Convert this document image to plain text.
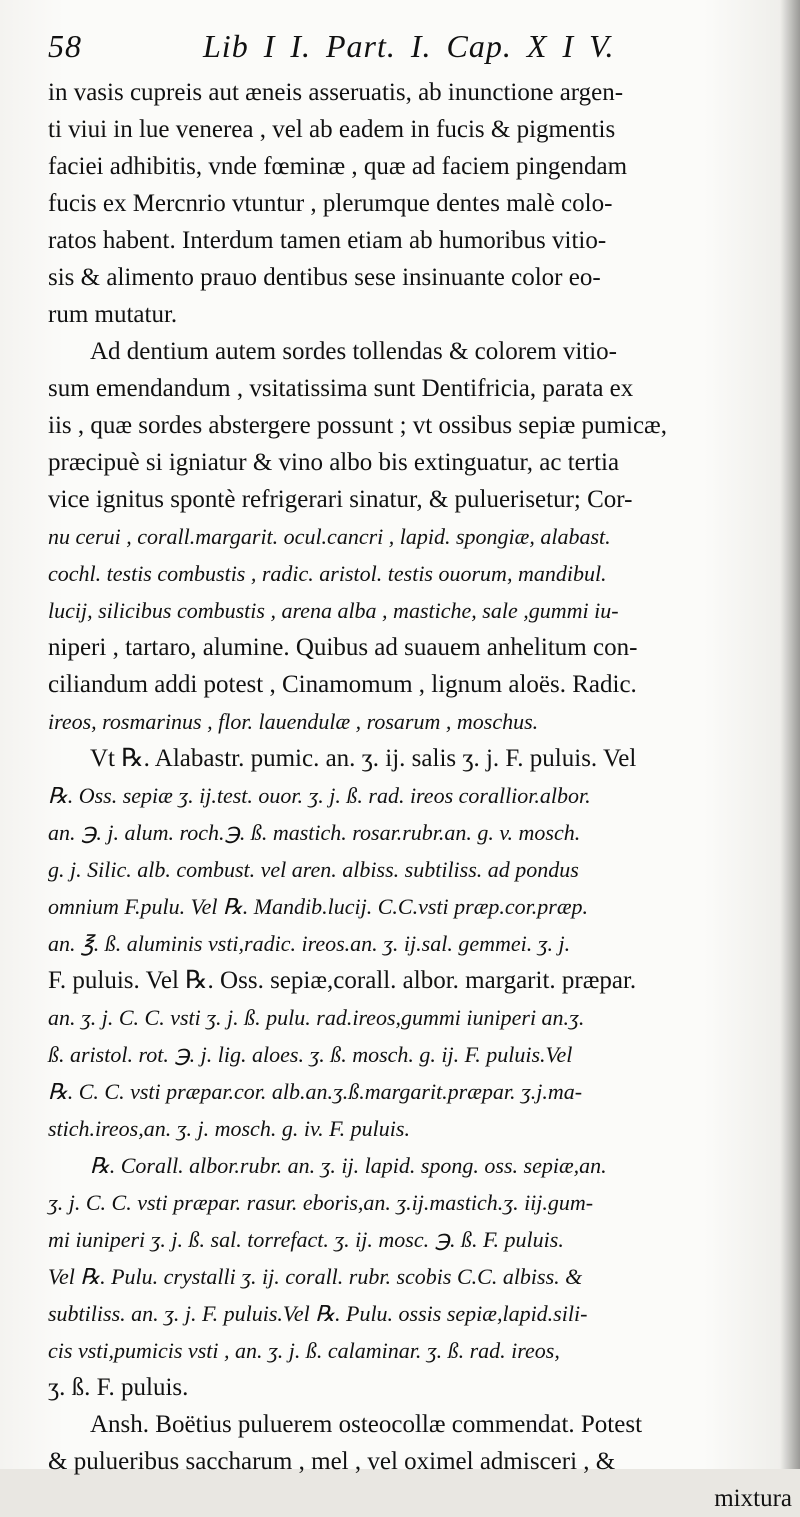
58	Lib I I. Part. I. Cap. X I V.
in vasis cupreis aut æneis asseruatis, ab inunctione argen-
ti viui in lue venerea , vel ab eadem in fucis & pigmentis
faciei adhibitis, vnde fœminæ , quæ ad faciem pingendam
fucis ex Mercnrio vtuntur , plerumque dentes malè colo-
ratos habent. Interdum tamen etiam ab humoribus vitio-
sis & alimento prauo dentibus sese insinuante color eo-
rum mutatur.
Ad dentium autem sordes tollendas & colorem vitio-
sum emendandum , vsitatissima sunt Dentifricia, parata ex
iis , quæ sordes abstergere possunt ; vt ossibus sepiæ pumicæ,
præcipuè si igniatur & vino albo bis extinguatur, ac tertia
vice ignitus spontè refrigerari sinatur, & puluerisetur; Cor-
nu cerui , corall.margarit. ocul.cancri , lapid. spongiæ, alabast.
cochl. testis combustis , radic. aristol. testis ouorum, mandibul.
lucij, silicibus combustis , arena alba , mastiche, sale ,gummi iu-
niperi , tartaro, alumine. Quibus ad suauem anhelitum con-
ciliandum addi potest , Cinamomum , lignum aloës. Radic.
ireos, rosmarinus , flor. lauendulæ , rosarum , moschus.
Vt ℞. Alabastr. pumic. an. ʒ. ij. salis ʒ. j. F. puluis. Vel
℞. Oss. sepiæ ʒ. ij.test. ouor. ʒ. j. ß. rad. ireos corallior.albor.
an. ℈. j. alum. roch.℈. ß. mastich. rosar.rubr.an. g. v. mosch.
g. j. Silic. alb. combust. vel aren. albiss. subtiliss. ad pondus
omnium F.pulu. Vel ℞. Mandib.lucij. C.C.vsti præp.cor.præp.
an. ℥. ß. aluminis vsti,radic. ireos.an. ʒ. ij.sal. gemmei. ʒ. j.
F. puluis. Vel ℞. Oss. sepiæ,corall. albor. margarit. præpar.
an. ʒ. j. C. C. vsti ʒ. j. ß. pulu. rad.ireos,gummi iuniperi an.ʒ.
ß. aristol. rot. ℈. j. lig. aloes. ʒ. ß. mosch. g. ij. F. puluis.Vel
℞. C. C. vsti præpar.cor. alb.an.ʒ.ß.margarit.præpar. ʒ.j.ma-
stich.ireos,an. ʒ. j. mosch. g. iv. F. puluis.
℞. Corall. albor.rubr. an. ʒ. ij. lapid. spong. oss. sepiæ,an.
ʒ. j. C. C. vsti præpar. rasur. eboris,an. ʒ.ij.mastich.ʒ. iij.gum-
mi iuniperi ʒ. j. ß. sal. torrefact. ʒ. ij. mosc. ℈. ß. F. puluis.
Vel ℞. Pulu. crystalli ʒ. ij. corall. rubr. scobis C.C. albiss. &
subtiliss. an. ʒ. j. F. puluis.Vel ℞. Pulu. ossis sepiæ,lapid.sili-
cis vsti,pumicis vsti , an. ʒ. j. ß. calaminar. ʒ. ß. rad. ireos,
ʒ. ß. F. puluis.
Ansh. Boëtius puluerem osteocollæ commendat. Potest
& pulueribus saccharum , mel , vel oximel admisceri , &
mixtura
